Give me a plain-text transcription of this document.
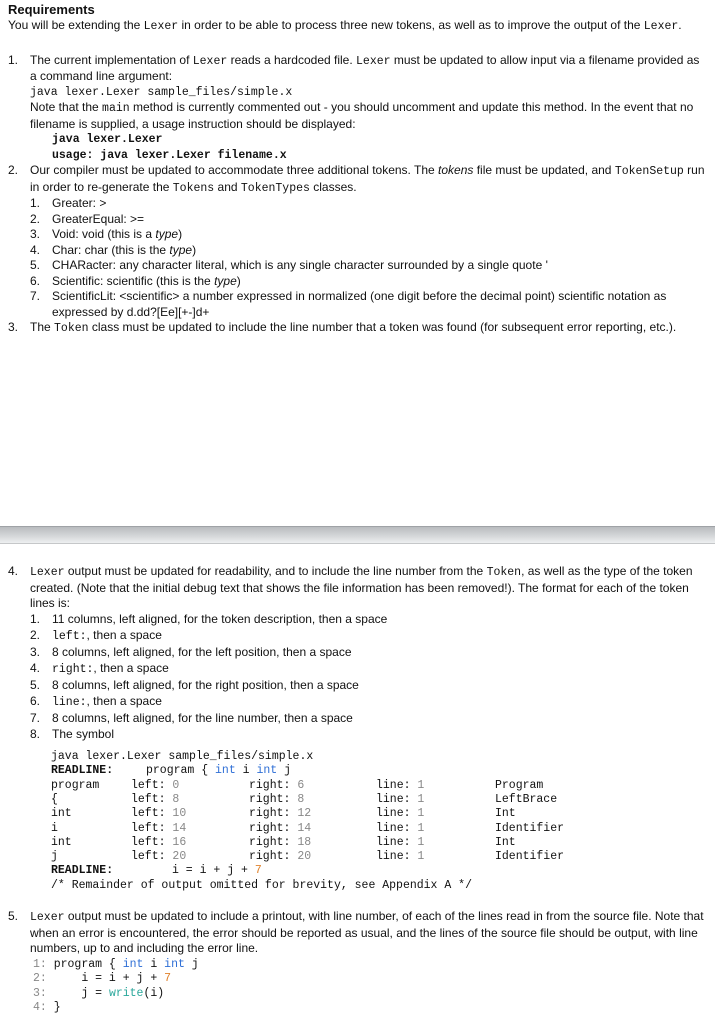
Requirements

You will be extending the Lexer in order to be able to process three new tokens, as well as to improve the output of the Lexer.

1. The current implementation of Lexer reads a hardcoded file. Lexer must be updated to allow input via a filename provided as a command line argument:

java lexer.Lexer sample_files/simple.x

Note that the main method is currently commented out - you should uncomment and update this method. In the event that no filename is supplied, a usage instruction should be displayed:

java lexer.Lexer

usage: java lexer.Lexer filename.x

2. Our compiler must be updated to accommodate three additional tokens. The tokens file must be updated, and TokenSetup run in order to re-generate the Tokens and TokenTypes classes.

1. Greater: >
2. GreaterEqual: >=
3. Void: void (this is a type)
4. Char: char (this is the type)
5. CHARacter: any character literal, which is any single character surrounded by a single quote '
6. Scientific: scientific (this is the type)
7. ScientificLit: <scientific> a number expressed in normalized (one digit before the decimal point) scientific notation as expressed by d.dd?[Ee][+-]d+
3. The Token class must be updated to include the line number that a token was found (for subsequent error reporting, etc.).

4. Lexer output must be updated for readability, and to include the line number from the Token, as well as the type of the token created. (Note that the initial debug text that shows the file information has been removed!). The format for each of the token lines is:

1. 11 columns, left aligned, for the token description, then a space
2. left:, then a space
3. 8 columns, left aligned, for the left position, then a space
4. right:, then a space
5. 8 columns, left aligned, for the right position, then a space
6. line:, then a space
7. 8 columns, left aligned, for the line number, then a space
8. The symbol
java lexer.Lexer sample_files/simple.x
READLINE:	program { int i int j
program	left: 0	right: 6	line: 1	Program
{	left: 8	right: 8	line: 1	LeftBrace
int	left: 10	right: 12	line: 1	Int
i	left: 14	right: 14	line: 1	Identifier
int	left: 16	right: 18	line: 1	Int
j	left: 20	right: 20	line: 1	Identifier
READLINE:	i = i + j + 7
/* Remainder of output omitted for brevity, see Appendix A */
5. Lexer output must be updated to include a printout, with line number, of each of the lines read in from the source file. Note that when an error is encountered, the error should be reported as usual, and the lines of the source file should be output, with line numbers, up to and including the error line.

1: program { int i int j
2:     i = i + j + 7
3:     j = write(i)
4: }
